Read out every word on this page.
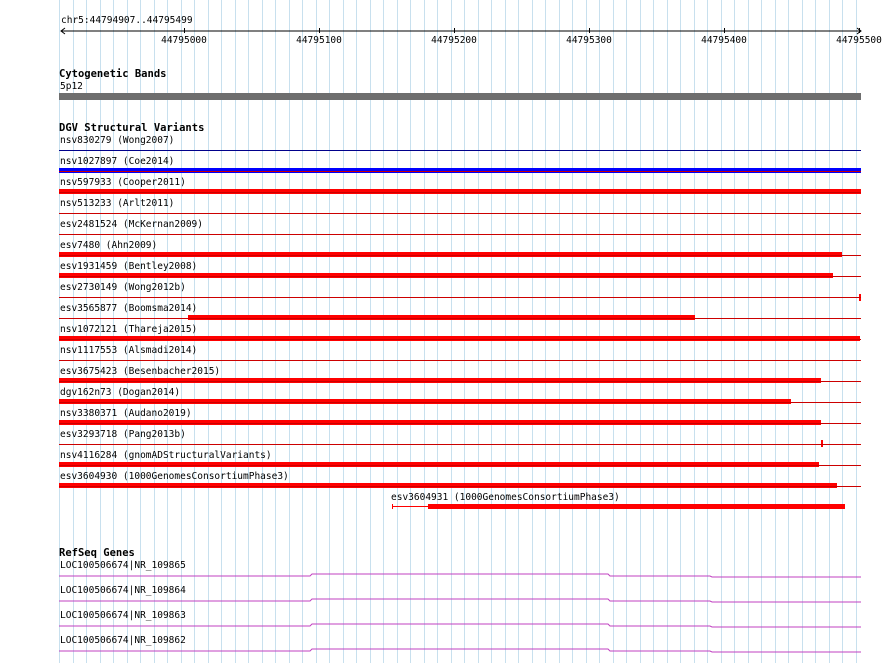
chr5:44794907..44795499
44795000	44795100	44795200	44795300	44795400	44795500
Cytogenetic Bands
5p12
DGV Structural Variants
nsv830279 (Wong2007)
nsv1027897 (Coe2014)
nsv597933 (Cooper2011)
nsv513233 (Arlt2011)
esv2481524 (McKernan2009)
esv7480 (Ahn2009)
esv1931459 (Bentley2008)
esv2730149 (Wong2012b)
esv3565877 (Boomsma2014)
nsv1072121 (Thareja2015)
nsv1117553 (Alsmadi2014)
esv3675423 (Besenbacher2015)
dgv162n73 (Dogan2014)
nsv3380371 (Audano2019)
esv3293718 (Pang2013b)
nsv4116284 (gnomADStructuralVariants)
esv3604930 (1000GenomesConsortiumPhase3)
esv3604931 (1000GenomesConsortiumPhase3)
RefSeq Genes
LOC100506674|NR_109865
LOC100506674|NR_109864
LOC100506674|NR_109863
LOC100506674|NR_109862
